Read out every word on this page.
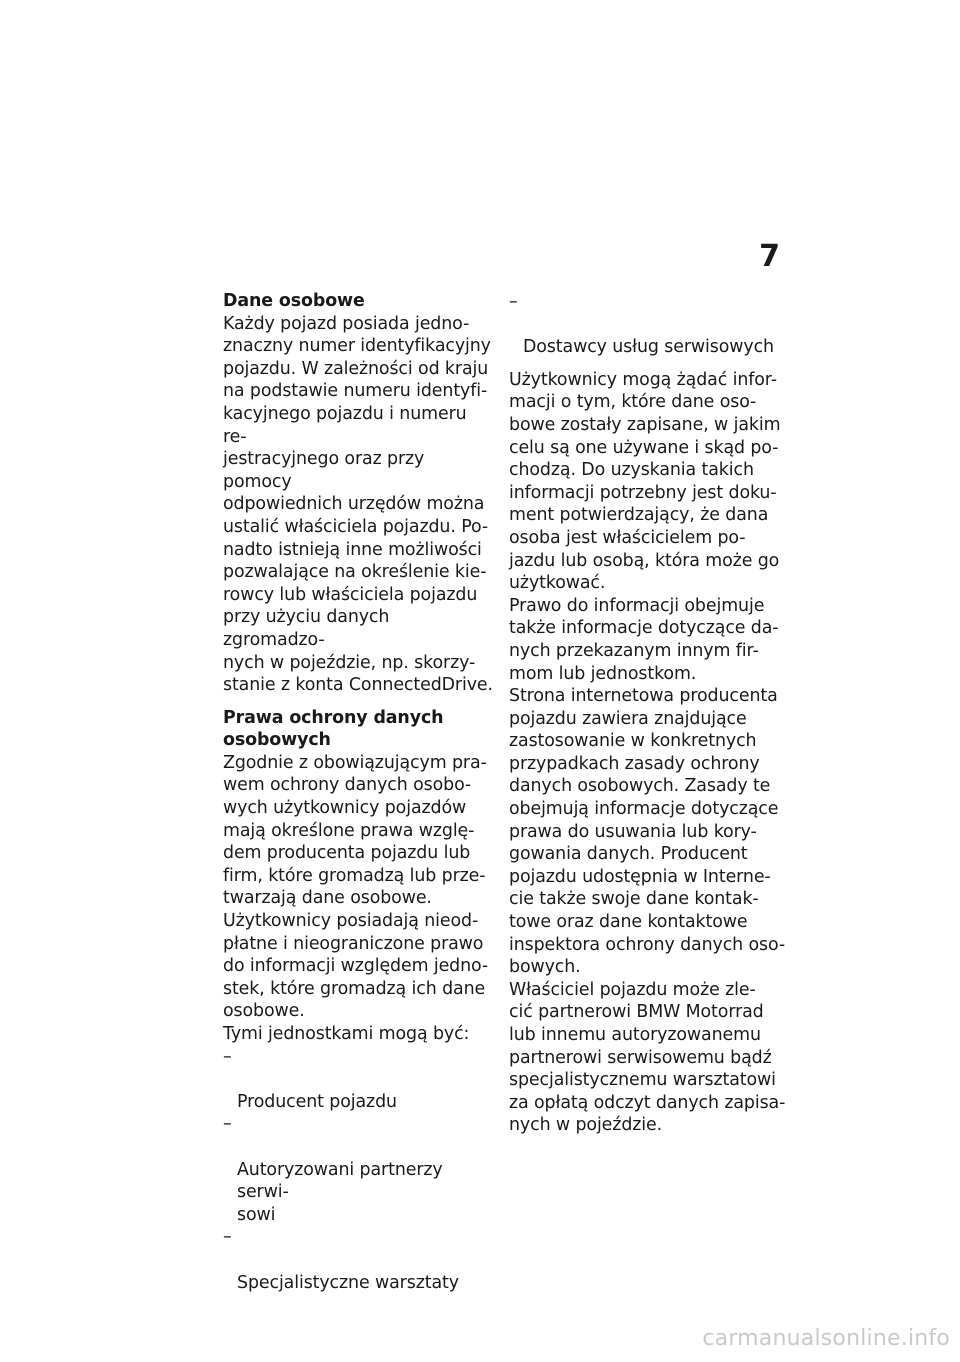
7

Dane osobowe

Każdy pojazd posiada jedno-
znaczny numer identyfikacyjny
pojazdu. W zależności od kraju
na podstawie numeru identyfi-
kacyjnego pojazdu i numeru re-
jestracyjnego oraz przy pomocy
odpowiednich urzędów można
ustalić właściciela pojazdu. Po-
nadto istnieją inne możliwości
pozwalające na określenie kie-
rowcy lub właściciela pojazdu
przy użyciu danych zgromadzo-
nych w pojeździe, np. skorzy-
stanie z konta ConnectedDrive.

Prawa ochrony danych
osobowych

Zgodnie z obowiązującym pra-
wem ochrony danych osobo-
wych użytkownicy pojazdów
mają określone prawa wzglę-
dem producenta pojazdu lub
firm, które gromadzą lub prze-
twarzają dane osobowe.

Użytkownicy posiadają nieod-
płatne i nieograniczone prawo
do informacji względem jedno-
stek, które gromadzą ich dane
osobowe.

Tymi jednostkami mogą być:

–

Producent pojazdu

–

Autoryzowani partnerzy serwi-
sowi

–

Specjalistyczne warsztaty

–

Dostawcy usług serwisowych

Użytkownicy mogą żądać infor-
macji o tym, które dane oso-
bowe zostały zapisane, w jakim
celu są one używane i skąd po-
chodzą. Do uzyskania takich
informacji potrzebny jest doku-
ment potwierdzający, że dana
osoba jest właścicielem po-
jazdu lub osobą, która może go
użytkować.

Prawo do informacji obejmuje
także informacje dotyczące da-
nych przekazanym innym fir-
mom lub jednostkom.

Strona internetowa producenta
pojazdu zawiera znajdujące
zastosowanie w konkretnych
przypadkach zasady ochrony
danych osobowych. Zasady te
obejmują informacje dotyczące
prawa do usuwania lub kory-
gowania danych. Producent
pojazdu udostępnia w Interne-
cie także swoje dane kontak-
towe oraz dane kontaktowe
inspektora ochrony danych oso-
bowych.

Właściciel pojazdu może zle-
cić partnerowi BMW Motorrad
lub innemu autoryzowanemu
partnerowi serwisowemu bądź
specjalistycznemu warsztatowi
za opłatą odczyt danych zapisa-
nych w pojeździe.

carmanualsonline.info
